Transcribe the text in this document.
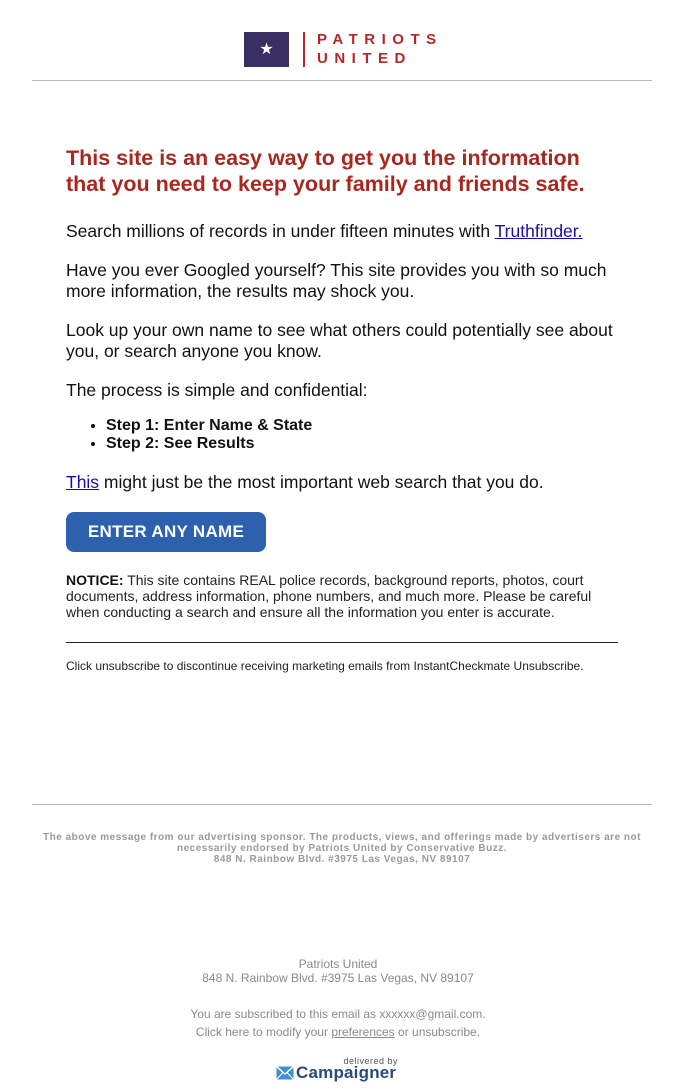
★
PATRIOTS
UNITED
This site is an easy way to get you the information that you need to keep your family and friends safe.

Search millions of records in under fifteen minutes with Truthfinder.

Have you ever Googled yourself? This site provides you with so much more information, the results may shock you.

Look up your own name to see what others could potentially see about you, or search anyone you know.

The process is simple and confidential:

• Step 1: Enter Name & State
• Step 2: See Results

This might just be the most important web search that you do.

ENTER ANY NAME

NOTICE: This site contains REAL police records, background reports, photos, court documents, address information, phone numbers, and much more. Please be careful when conducting a search and ensure all the information you enter is accurate.

Click unsubscribe to discontinue receiving marketing emails from InstantCheckmate Unsubscribe.

The above message from our advertising sponsor. The products, views, and offerings made by advertisers are not necessarily endorsed by Patriots United by Conservative Buzz.
848 N. Rainbow Blvd. #3975 Las Vegas, NV 89107
Patriots United
848 N. Rainbow Blvd. #3975 Las Vegas, NV 89107
You are subscribed to this email as xxxxxx@gmail.com.
Click here to modify your preferences or unsubscribe.
delivered by
Campaigner
